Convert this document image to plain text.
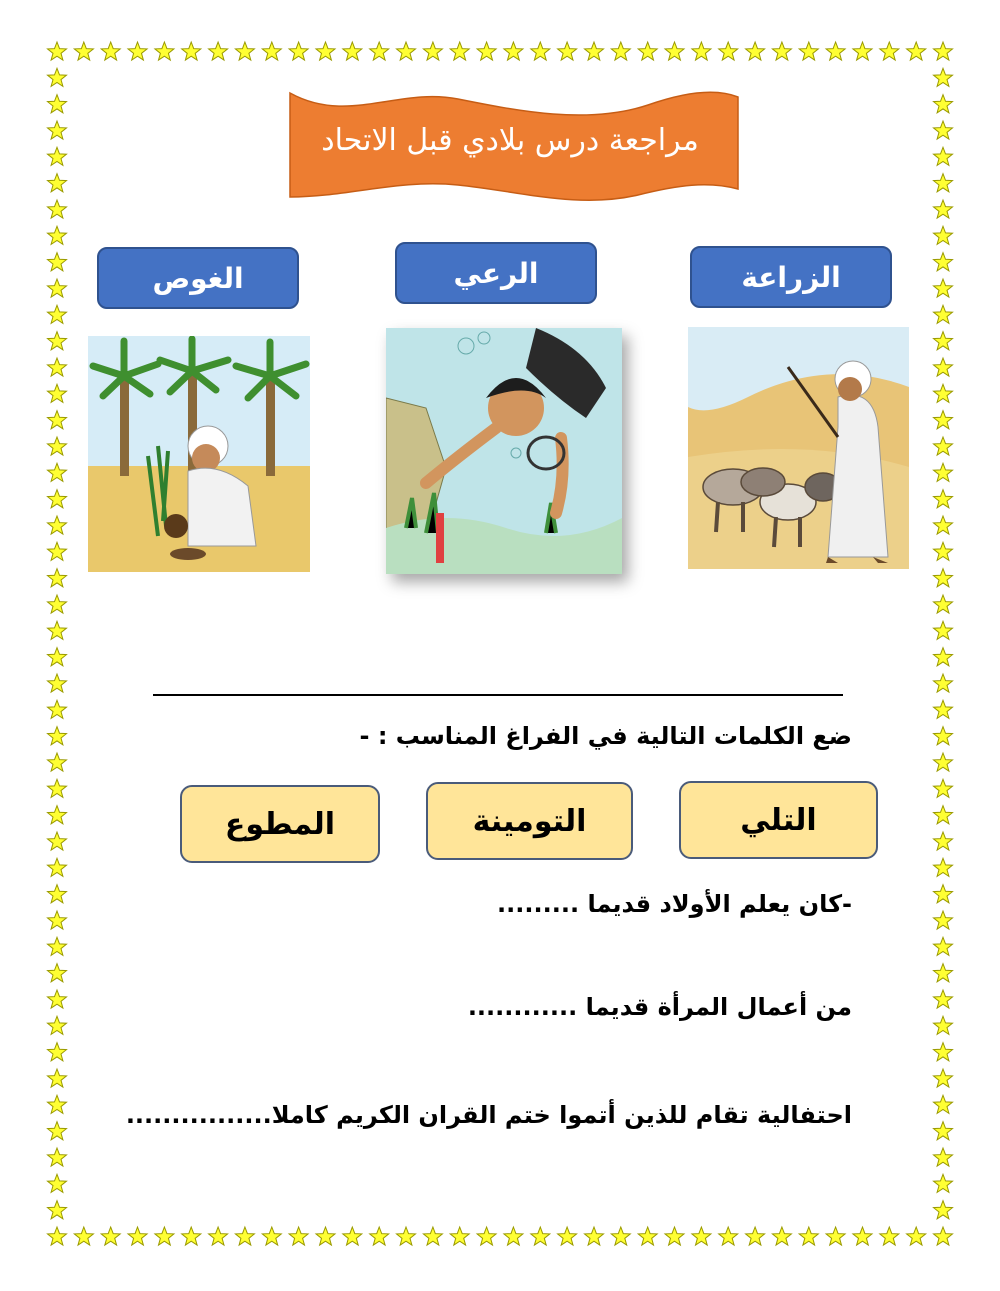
مراجعة درس بلادي قبل الاتحاد
الغوص	الرعي	الزراعة
ضع الكلمات التالية في الفراغ المناسب : -
المطوع	التومينة	التلي
-كان يعلم الأولاد قديما .........
من أعمال المرأة قديما ............
احتفالية تقام للذين أتموا ختم القران الكريم كاملا................
